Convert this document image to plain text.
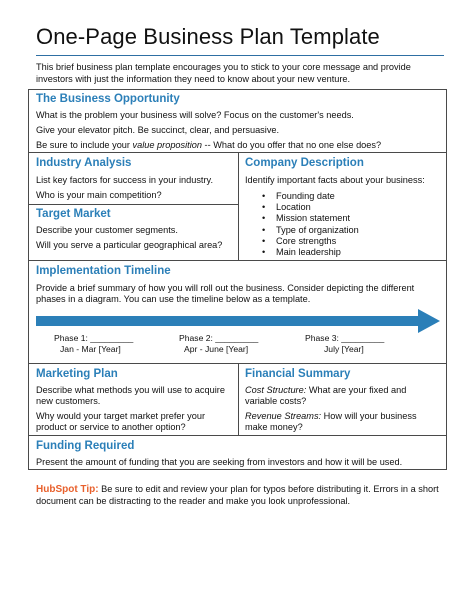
One-Page Business Plan Template
This brief business plan template encourages you to stick to your core message and provide investors with just the information they need to know about your new venture.
The Business Opportunity
What is the problem your business will solve? Focus on the customer's needs.
Give your elevator pitch. Be succinct, clear, and persuasive.
Be sure to include your value proposition -- What do you offer that no one else does?
Industry Analysis
List key factors for success in your industry.
Who is your main competition?
Target Market
Describe your customer segments.
Will you serve a particular geographical area?
Company Description
Identify important facts about your business:
• Founding date
• Location
• Mission statement
• Type of organization
• Core strengths
• Main leadership
Implementation Timeline
Provide a brief summary of how you will roll out the business. Consider depicting the different phases in a diagram. You can use the timeline below as a template.
Phase 1: _________
Jan - Mar [Year]
Phase 2: _________
Apr - June [Year]
Phase 3: _________
July [Year]
Marketing Plan
Describe what methods you will use to acquire new customers.
Why would your target market prefer your product or service to another option?
Financial Summary
Cost Structure: What are your fixed and variable costs?
Revenue Streams: How will your business make money?
Funding Required
Present the amount of funding that you are seeking from investors and how it will be used.
HubSpot Tip: Be sure to edit and review your plan for typos before distributing it. Errors in a short document can be distracting to the reader and make you look unprofessional.
